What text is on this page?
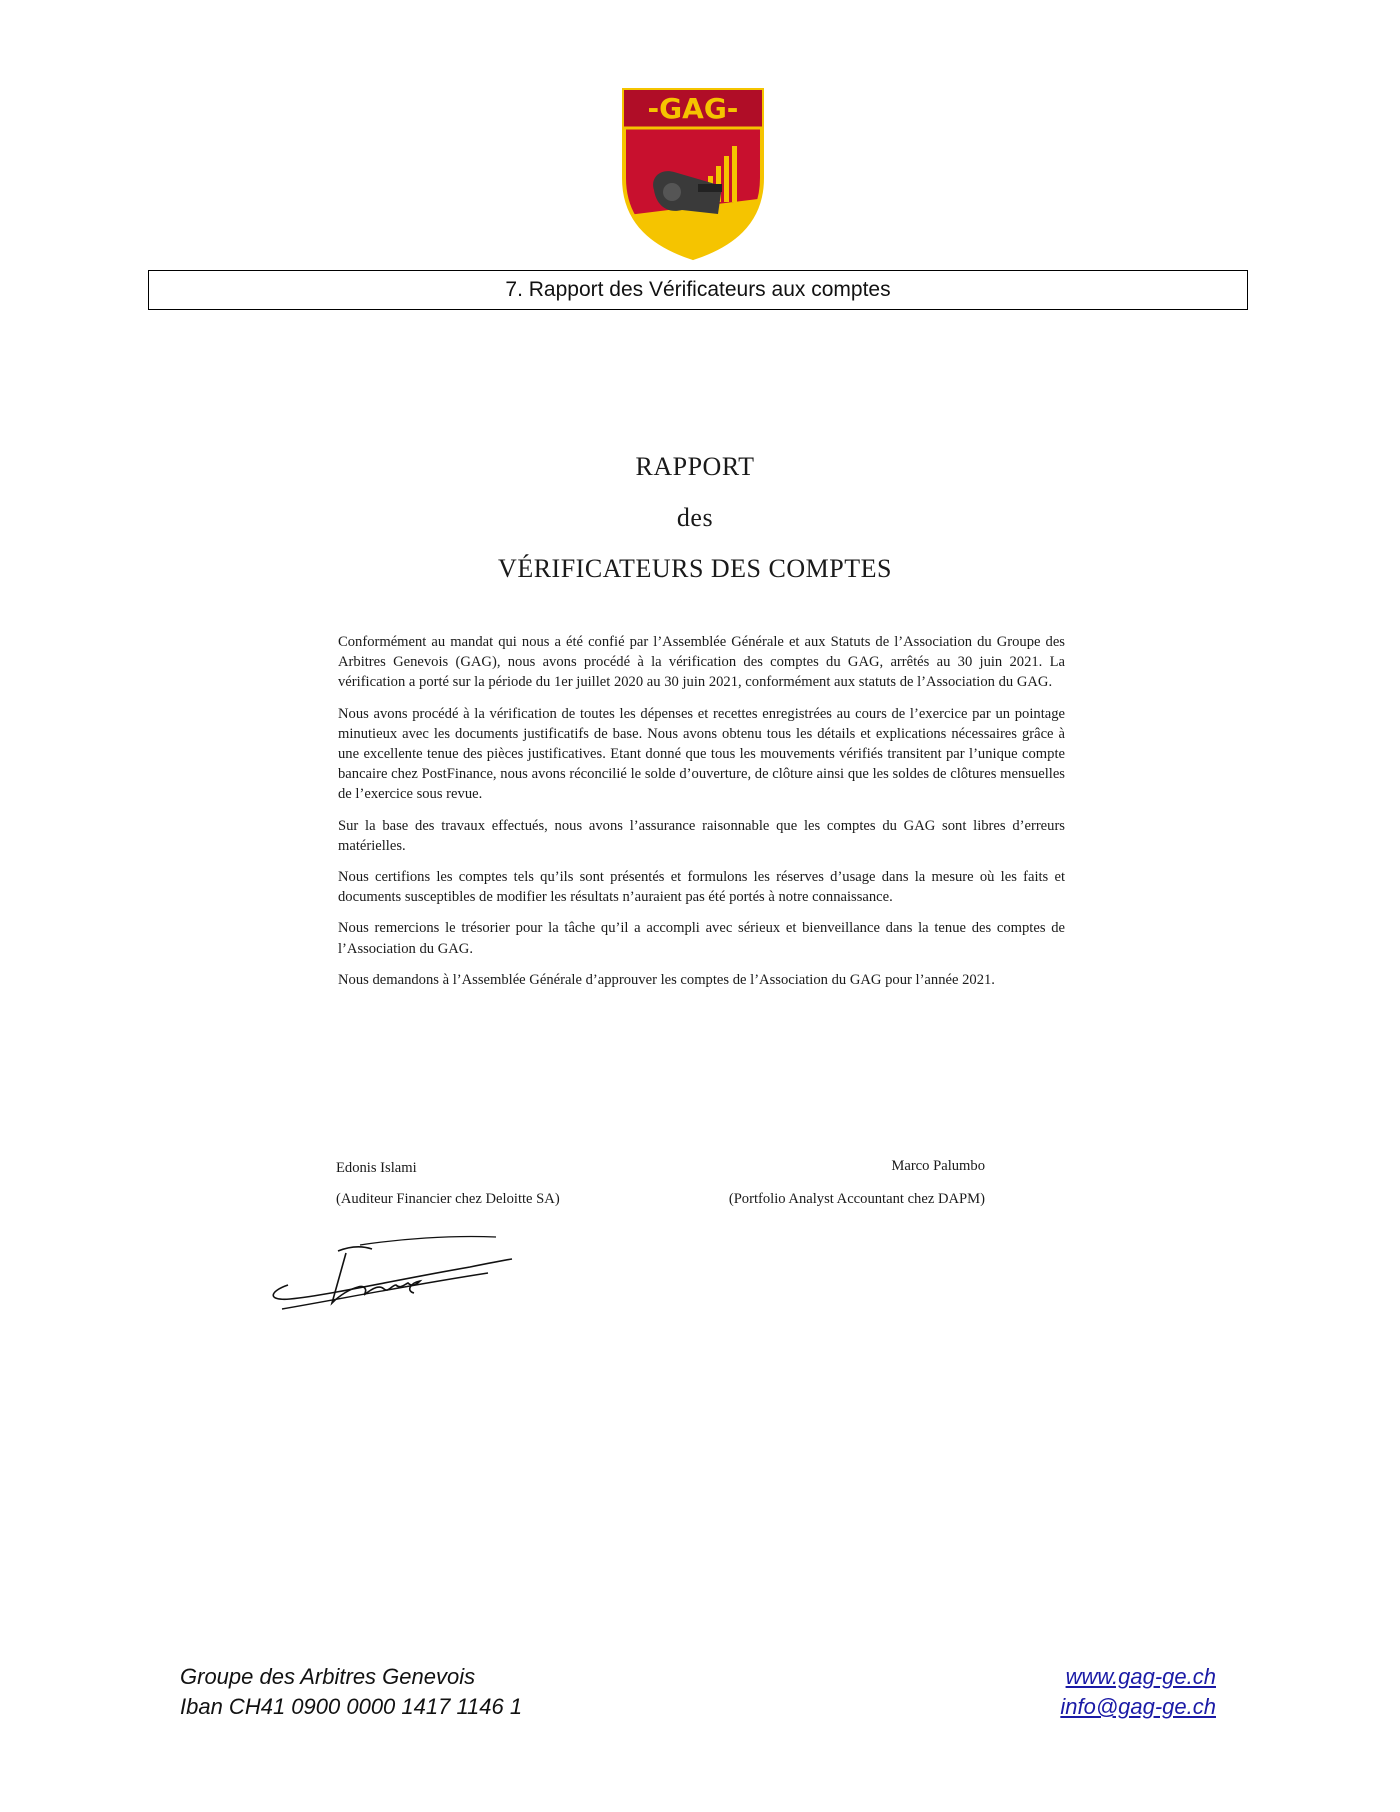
-GAG-
7. Rapport des Vérificateurs aux comptes
RAPPORT
des
VÉRIFICATEURS DES COMPTES

Conformément au mandat qui nous a été confié par l’Assemblée Générale et aux Statuts de l’Association du Groupe des Arbitres Genevois (GAG), nous avons procédé à la vérification des comptes du GAG, arrêtés au 30 juin 2021. La vérification a porté sur la période du 1er juillet 2020 au 30 juin 2021, conformément aux statuts de l’Association du GAG.

Nous avons procédé à la vérification de toutes les dépenses et recettes enregistrées au cours de l’exercice par un pointage minutieux avec les documents justificatifs de base. Nous avons obtenu tous les détails et explications nécessaires grâce à une excellente tenue des pièces justificatives. Etant donné que tous les mouvements vérifiés transitent par l’unique compte bancaire chez PostFinance, nous avons réconcilié le solde d’ouverture, de clôture ainsi que les soldes de clôtures mensuelles de l’exercice sous revue.

Sur la base des travaux effectués, nous avons l’assurance raisonnable que les comptes du GAG sont libres d’erreurs matérielles.

Nous certifions les comptes tels qu’ils sont présentés et formulons les réserves d’usage dans la mesure où les faits et documents susceptibles de modifier les résultats n’auraient pas été portés à notre connaissance.

Nous remercions le trésorier pour la tâche qu’il a accompli avec sérieux et bienveillance dans la tenue des comptes de l’Association du GAG.

Nous demandons à l’Assemblée Générale d’approuver les comptes de l’Association du GAG pour l’année 2021.

Edonis Islami
(Auditeur Financier chez Deloitte SA)
Marco Palumbo
(Portfolio Analyst Accountant chez DAPM)
Groupe des Arbitres Genevois
Iban CH41 0900 0000 1417 1146 1
www.gag-ge.ch
info@gag-ge.ch
